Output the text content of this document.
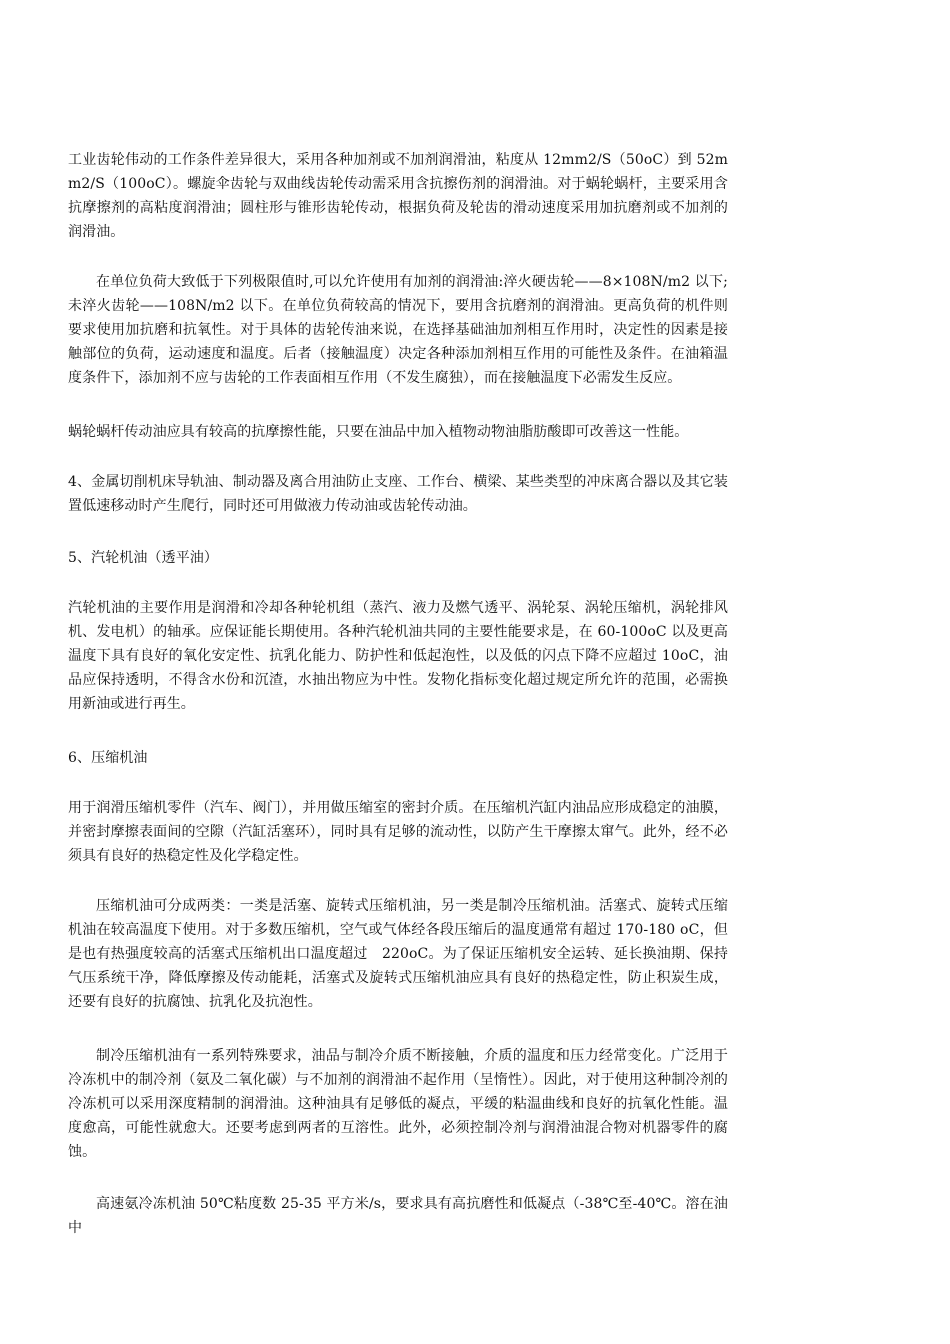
工业齿轮伟动的工作条件差异很大，采用各种加剂或不加剂润滑油，粘度从 12mm2/S（50oC）到 52mm2/S（100oC）。螺旋伞齿轮与双曲线齿轮传动需采用含抗擦伤剂的润滑油。对于蜗轮蜗杆，主要采用含抗摩擦剂的高粘度润滑油；圆柱形与锥形齿轮传动，根据负荷及轮齿的滑动速度采用加抗磨剂或不加剂的润滑油。

在单位负荷大致低于下列极限值时,可以允许使用有加剂的润滑油:淬火硬齿轮——8×108N/m2 以下;未淬火齿轮——108N/m2 以下。在单位负荷较高的情况下，要用含抗磨剂的润滑油。更高负荷的机件则要求使用加抗磨和抗氧性。对于具体的齿轮传油来说，在选择基础油加剂相互作用时，决定性的因素是接触部位的负荷，运动速度和温度。后者（接触温度）决定各种添加剂相互作用的可能性及条件。在油箱温度条件下，添加剂不应与齿轮的工作表面相互作用（不发生腐独），而在接触温度下必需发生反应。

蜗轮蜗杆传动油应具有较高的抗摩擦性能，只要在油品中加入植物动物油脂肪酸即可改善这一性能。

4、金属切削机床导轨油、制动器及离合用油防止支座、工作台、横梁、某些类型的冲床离合器以及其它装置低速移动时产生爬行，同时还可用做液力传动油或齿轮传动油。

5、汽轮机油（透平油）

汽轮机油的主要作用是润滑和冷却各种轮机组（蒸汽、液力及燃气透平、涡轮泵、涡轮压缩机，涡轮排风机、发电机）的轴承。应保证能长期使用。各种汽轮机油共同的主要性能要求是，在 60-100oC 以及更高温度下具有良好的氧化安定性、抗乳化能力、防护性和低起泡性，以及低的闪点下降不应超过 10oC，油品应保持透明，不得含水份和沉渣，水抽出物应为中性。发物化指标变化超过规定所允许的范围，必需换用新油或进行再生。

6、压缩机油

用于润滑压缩机零件（汽车、阀门），并用做压缩室的密封介质。在压缩机汽缸内油品应形成稳定的油膜，并密封摩擦表面间的空隙（汽缸活塞环），同时具有足够的流动性，以防产生干摩擦太窜气。此外，经不必须具有良好的热稳定性及化学稳定性。

压缩机油可分成两类：一类是活塞、旋转式压缩机油，另一类是制冷压缩机油。活塞式、旋转式压缩机油在较高温度下使用。对于多数压缩机，空气或气体经各段压缩后的温度通常有超过 170-180 oC，但是也有热强度较高的活塞式压缩机出口温度超过　220oC。为了保证压缩机安全运转、延长换油期、保持气压系统干净，降低摩擦及传动能耗，活塞式及旋转式压缩机油应具有良好的热稳定性，防止积炭生成，还要有良好的抗腐蚀、抗乳化及抗泡性。

制冷压缩机油有一系列特殊要求，油品与制冷介质不断接触，介质的温度和压力经常变化。广泛用于冷冻机中的制冷剂（氨及二氧化碳）与不加剂的润滑油不起作用（呈惰性）。因此，对于使用这种制冷剂的冷冻机可以采用深度精制的润滑油。这种油具有足够低的凝点，平缓的粘温曲线和良好的抗氧化性能。温度愈高，可能性就愈大。还要考虑到两者的互溶性。此外，必须控制冷剂与润滑油混合物对机器零件的腐蚀。

高速氨冷冻机油 50℃粘度数 25-35 平方米/s，要求具有高抗磨性和低凝点（-38℃至-40℃。溶在油中
